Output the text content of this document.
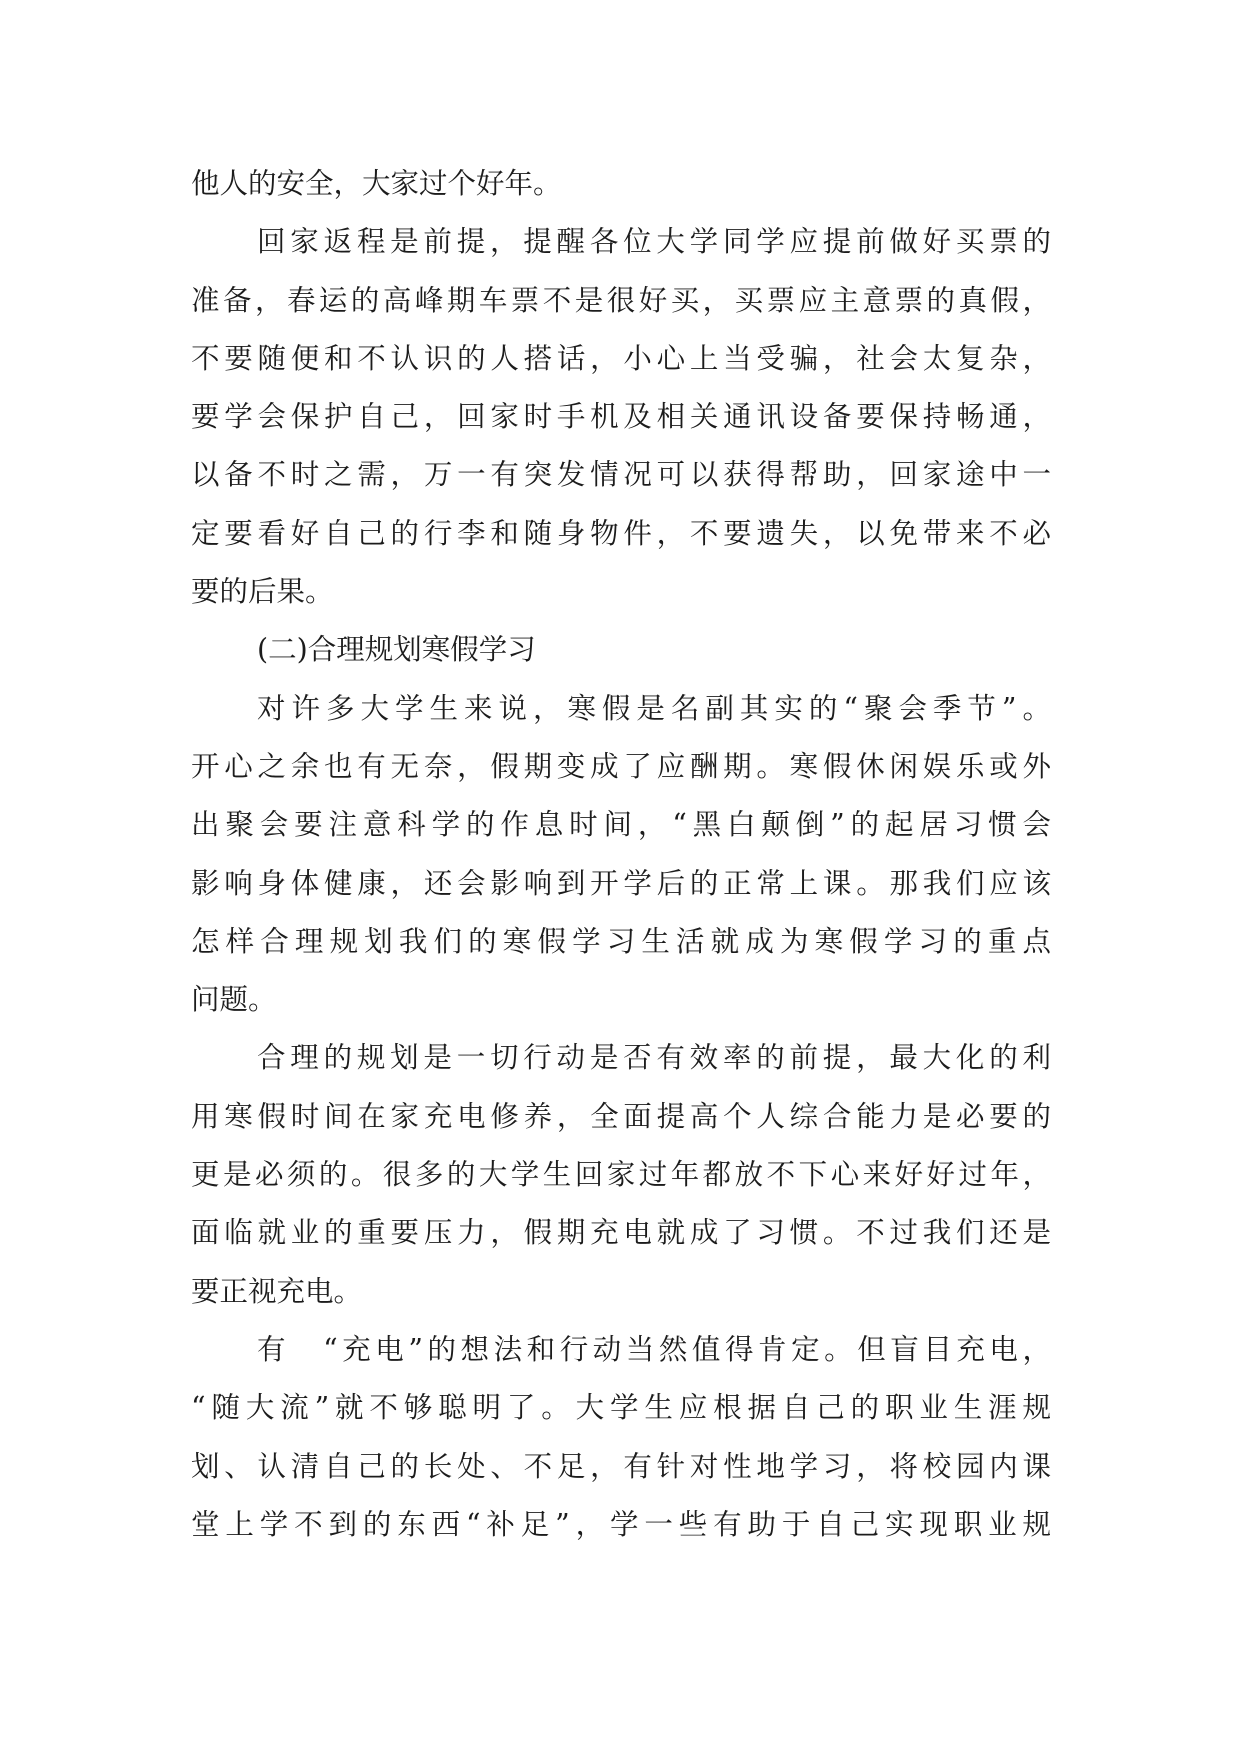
他人的安全，大家过个好年。
回家返程是前提，提醒各位大学同学应提前做好买票的
准备，春运的高峰期车票不是很好买，买票应主意票的真假，
不要随便和不认识的人搭话，小心上当受骗，社会太复杂，
要学会保护自己，回家时手机及相关通讯设备要保持畅通，
以备不时之需，万一有突发情况可以获得帮助，回家途中一
定要看好自己的行李和随身物件，不要遗失，以免带来不必
要的后果。
(二)合理规划寒假学习
对许多大学生来说，寒假是名副其实的“聚会季节”。
开心之余也有无奈，假期变成了应酬期。寒假休闲娱乐或外
出聚会要注意科学的作息时间，“黑白颠倒”的起居习惯会
影响身体健康，还会影响到开学后的正常上课。那我们应该
怎样合理规划我们的寒假学习生活就成为寒假学习的重点
问题。
合理的规划是一切行动是否有效率的前提，最大化的利
用寒假时间在家充电修养，全面提高个人综合能力是必要的
更是必须的。很多的大学生回家过年都放不下心来好好过年，
面临就业的重要压力，假期充电就成了习惯。不过我们还是
要正视充电。
有　“充电”的想法和行动当然值得肯定。但盲目充电，
“随大流”就不够聪明了。大学生应根据自己的职业生涯规
划、认清自己的长处、不足，有针对性地学习，将校园内课
堂上学不到的东西“补足”，学一些有助于自己实现职业规
